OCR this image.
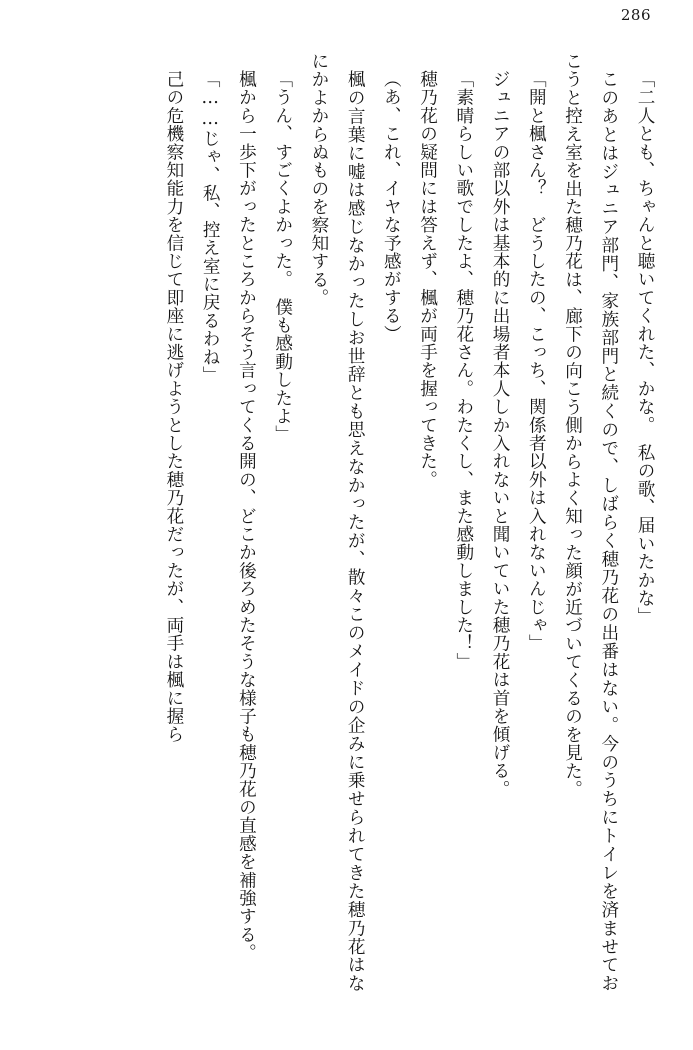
286

「二人とも、ちゃんと聴いてくれた、かな。　私の歌、届いたかな」

このあとはジュニア部門、家族部門と続くので、しばらく穂乃花の出番はない。今のうちにトイレを済ませておこうと控え室を出た穂乃花は、廊下の向こう側からよく知った顔が近づいてくるのを見た。

「開と楓さん？　どうしたの、こっち、関係者以外は入れないんじゃ」

ジュニアの部以外は基本的に出場者本人しか入れないと聞いていた穂乃花は首を傾げる。

「素晴らしい歌でしたよ、穂乃花さん。わたくし、また感動しました！」

穂乃花の疑問には答えず、楓が両手を握ってきた。

（あ、これ、イヤな予感がする）

楓の言葉に嘘は感じなかったしお世辞とも思えなかったが、散々このメイドの企みに乗せられてきた穂乃花はなにかよからぬものを察知する。

「うん、すごくよかった。　僕も感動したよ」

楓から一歩下がったところからそう言ってくる開の、どこか後ろめたそうな様子も穂乃花の直感を補強する。

「……じゃ、私、控え室に戻るわね」

己の危機察知能力を信じて即座に逃げようとした穂乃花だったが、両手は楓に握ら
